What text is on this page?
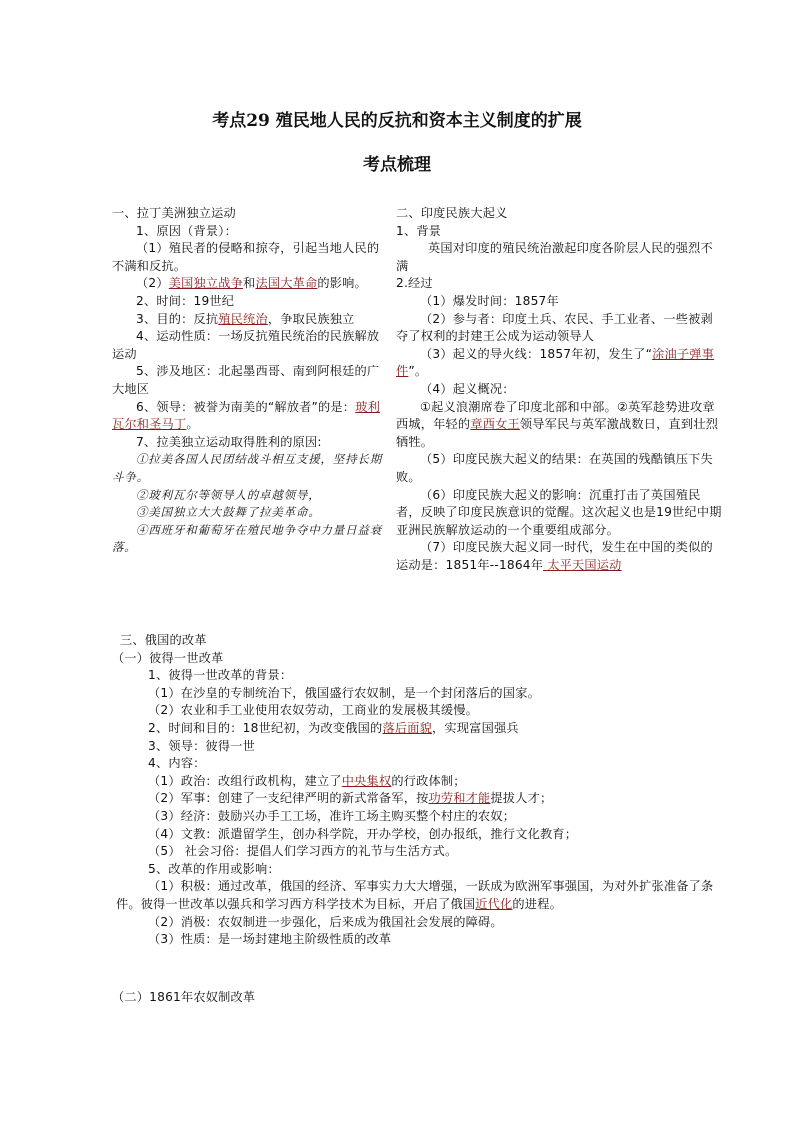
考点29 殖民地人民的反抗和资本主义制度的扩展
考点梳理

一、拉丁美洲独立运动

1、原因（背景）：

（1）殖民者的侵略和掠夺，引起当地人民的不满和反抗。

（2）美国独立战争和法国大革命的影响。

2、时间：19世纪

3、目的：反抗殖民统治，争取民族独立

4、运动性质：一场反抗殖民统治的民族解放运动

5、涉及地区：北起墨西哥、南到阿根廷的广大地区

6、领导：被誉为南美的“解放者”的是：玻利瓦尔和圣马丁。

7、拉美独立运动取得胜利的原因:

①拉美各国人民团结战斗相互支援，坚持长期斗争。

②玻利瓦尔等领导人的卓越领导，

③美国独立大大鼓舞了拉美革命。

④西班牙和葡萄牙在殖民地争夺中力量日益衰落。

二、印度民族大起义

1、背景

英国对印度的殖民统治激起印度各阶层人民的强烈不满

2.经过

（1）爆发时间：1857年

（2）参与者：印度土兵、农民、手工业者、一些被剥夺了权利的封建王公成为运动领导人

（3）起义的导火线：1857年初，发生了“涂油子弹事件”。

（4）起义概况：

①起义浪潮席卷了印度北部和中部。②英军趁势进攻章西城，年轻的章西女王领导军民与英军激战数日，直到壮烈牺牲。

（5）印度民族大起义的结果：在英国的残酷镇压下失败。

（6）印度民族大起义的影响：沉重打击了英国殖民者，反映了印度民族意识的觉醒。这次起义也是19世纪中期亚洲民族解放运动的一个重要组成部分。

（7）印度民族大起义同一时代，发生在中国的类似的运动是：1851年--1864年 太平天国运动

三、俄国的改革

（一）彼得一世改革

1、彼得一世改革的背景：

（1）在沙皇的专制统治下，俄国盛行农奴制，是一个封闭落后的国家。

（2）农业和手工业使用农奴劳动，工商业的发展极其缓慢。

2、时间和目的：18世纪初，为改变俄国的落后面貌，实现富国强兵

3、领导：彼得一世

4、内容：

（1）政治：改组行政机构，建立了中央集权的行政体制；

（2）军事：创建了一支纪律严明的新式常备军，按功劳和才能提拔人才；

（3）经济：鼓励兴办手工工场，准许工场主购买整个村庄的农奴；

（4）文教：派遣留学生，创办科学院，开办学校，创办报纸，推行文化教育；

（5） 社会习俗：提倡人们学习西方的礼节与生活方式。

5、改革的作用或影响：

（1）积极：通过改革，俄国的经济、军事实力大大增强，一跃成为欧洲军事强国，为对外扩张准备了条件。彼得一世改革以强兵和学习西方科学技术为目标，开启了俄国近代化的进程。

（2）消极：农奴制进一步强化，后来成为俄国社会发展的障碍。

（3）性质：是一场封建地主阶级性质的改革

（二）1861年农奴制改革
